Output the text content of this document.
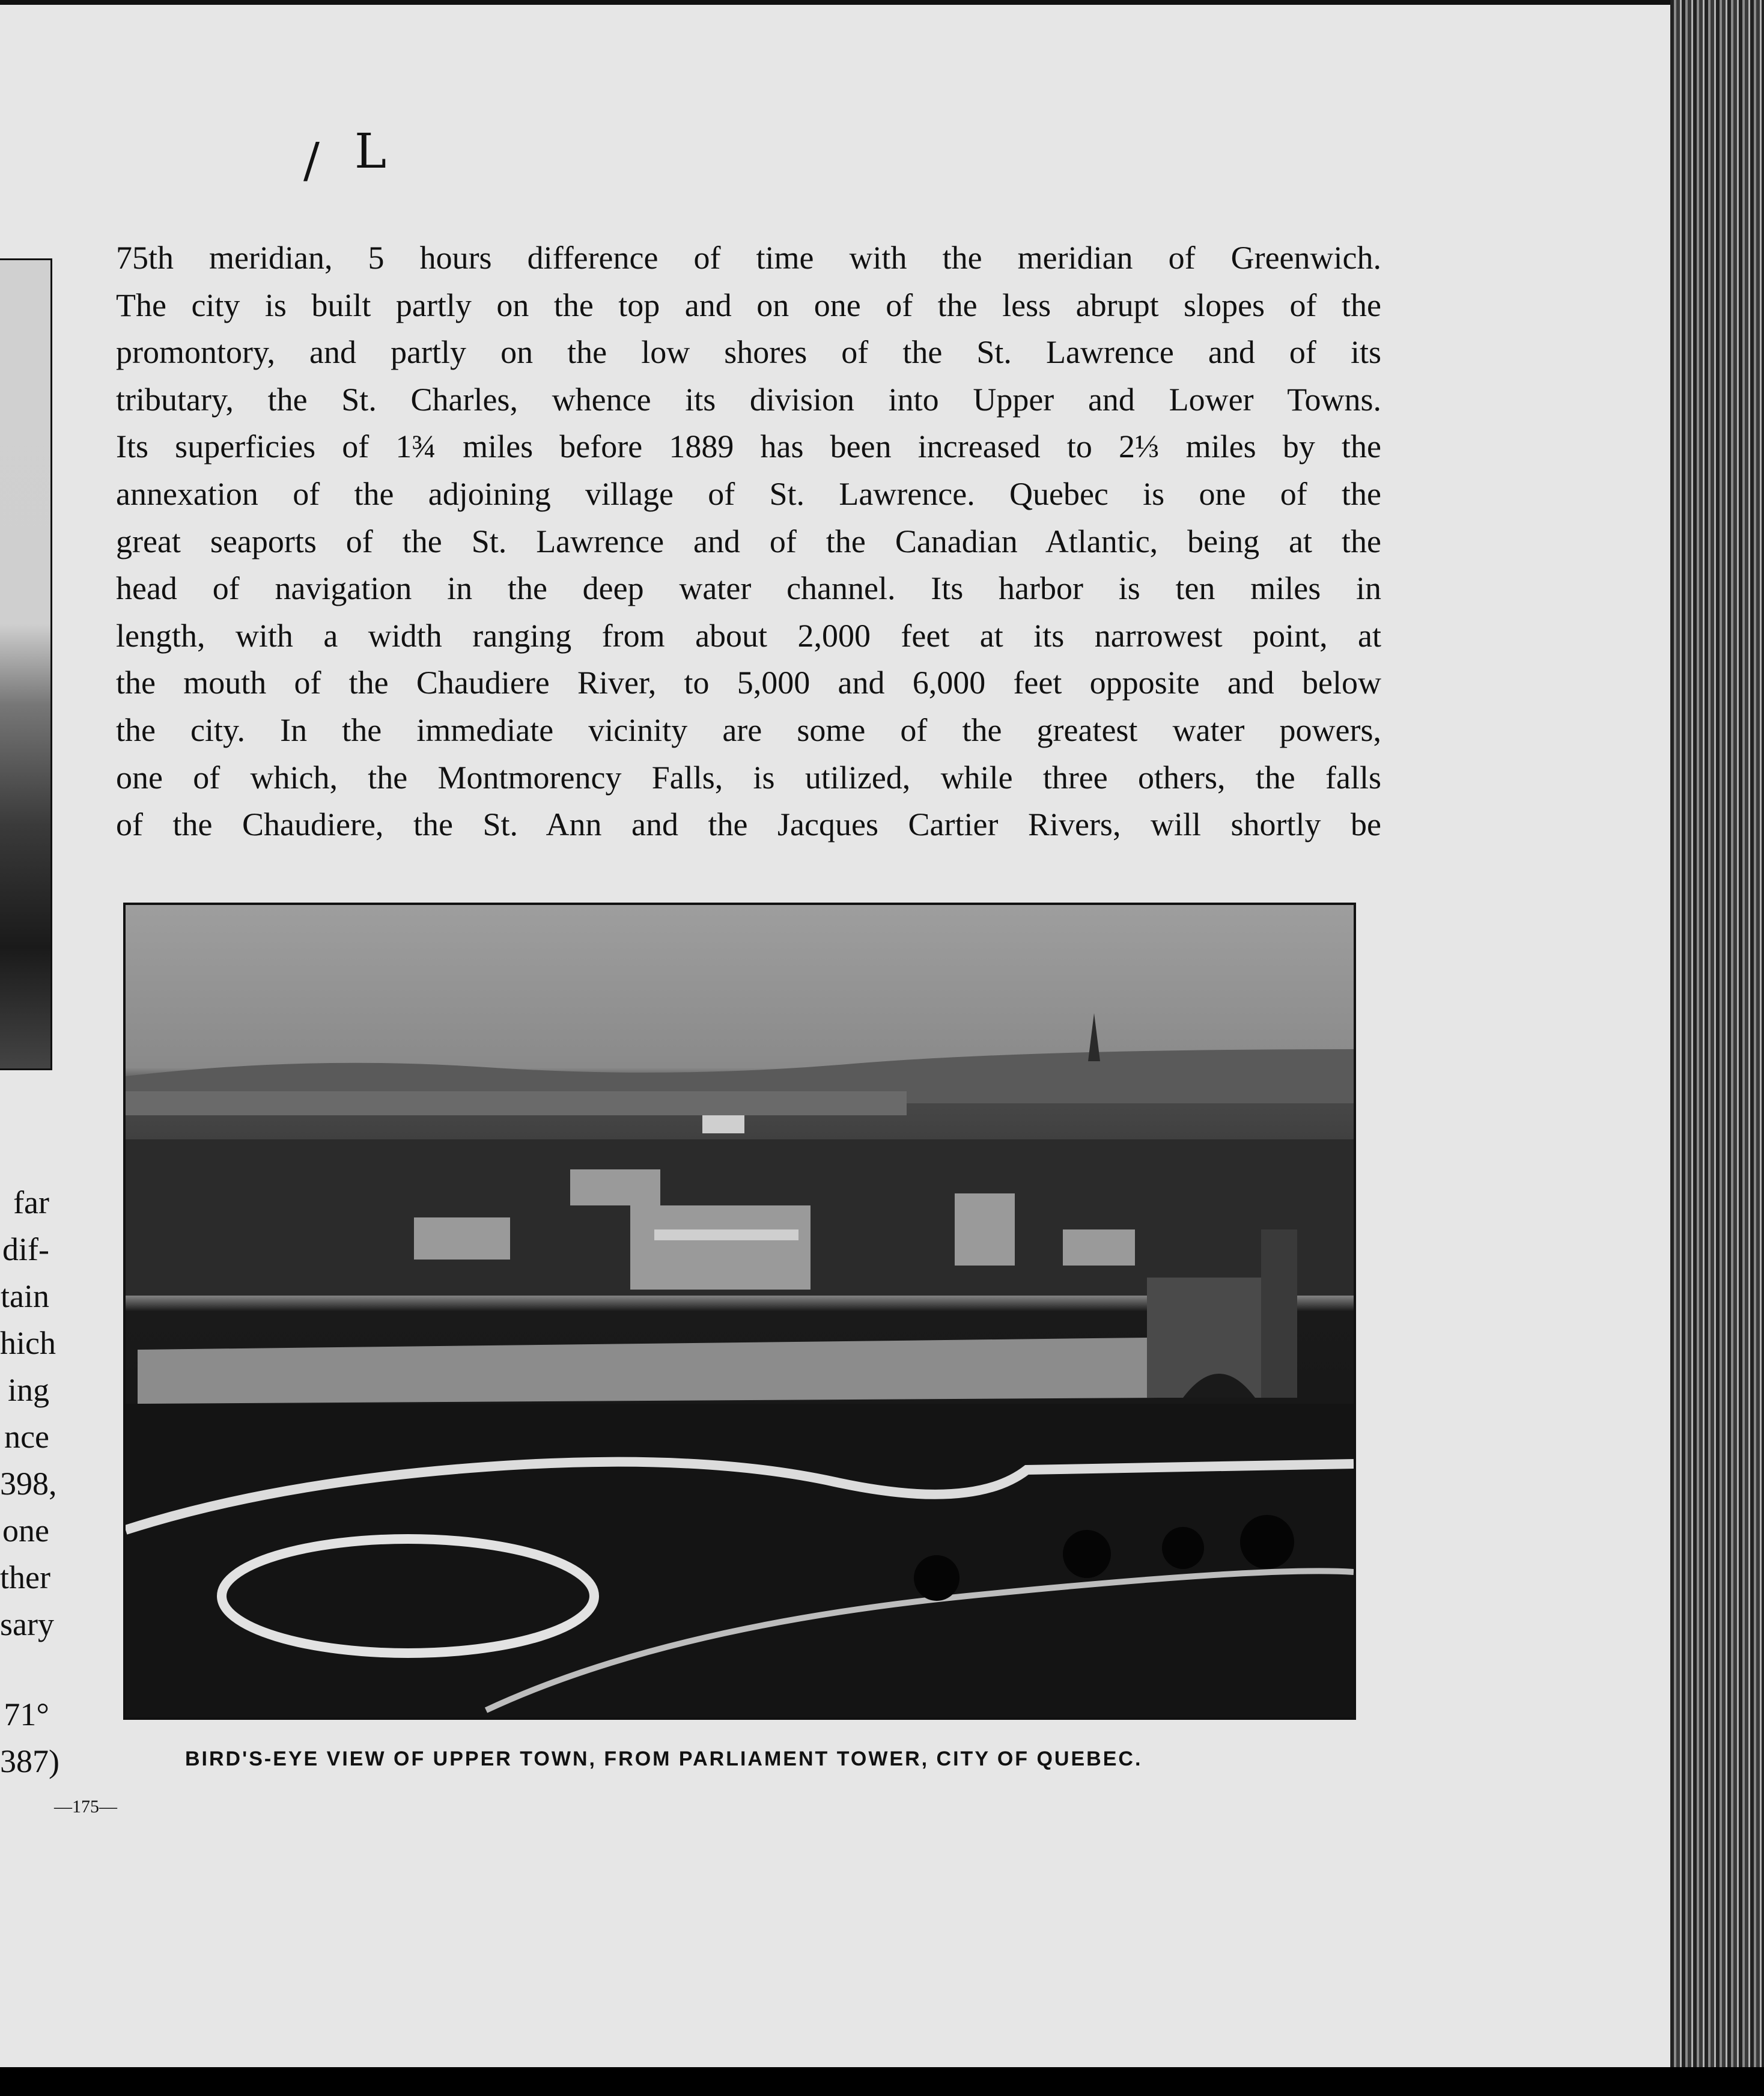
/ L
75th meridian, 5 hours difference of time with the meridian of Greenwich.
The city is built partly on the top and on one of the less abrupt slopes of the
promontory, and partly on the low shores of the St. Lawrence and of its
tributary, the St. Charles, whence its division into Upper and Lower Towns.
Its superficies of 1¾ miles before 1889 has been increased to 2⅓ miles by the
annexation of the adjoining village of St. Lawrence. Quebec is one of the
great seaports of the St. Lawrence and of the Canadian Atlantic, being at the
head of navigation in the deep water channel. Its harbor is ten miles in
length, with a width ranging from about 2,000 feet at its narrowest point, at
the mouth of the Chaudiere River, to 5,000 and 6,000 feet opposite and below
the city. In the immediate vicinity are some of the greatest water powers,
one of which, the Montmorency Falls, is utilized, while three others, the falls
of the Chaudiere, the St. Ann and the Jacques Cartier Rivers, will shortly be
BIRD'S-EYE VIEW OF UPPER TOWN, FROM PARLIAMENT TOWER, CITY OF QUEBEC.
far
dif-
tain
hich
ing
nce
398,
one
ther
sary
71°
387)
—175—
